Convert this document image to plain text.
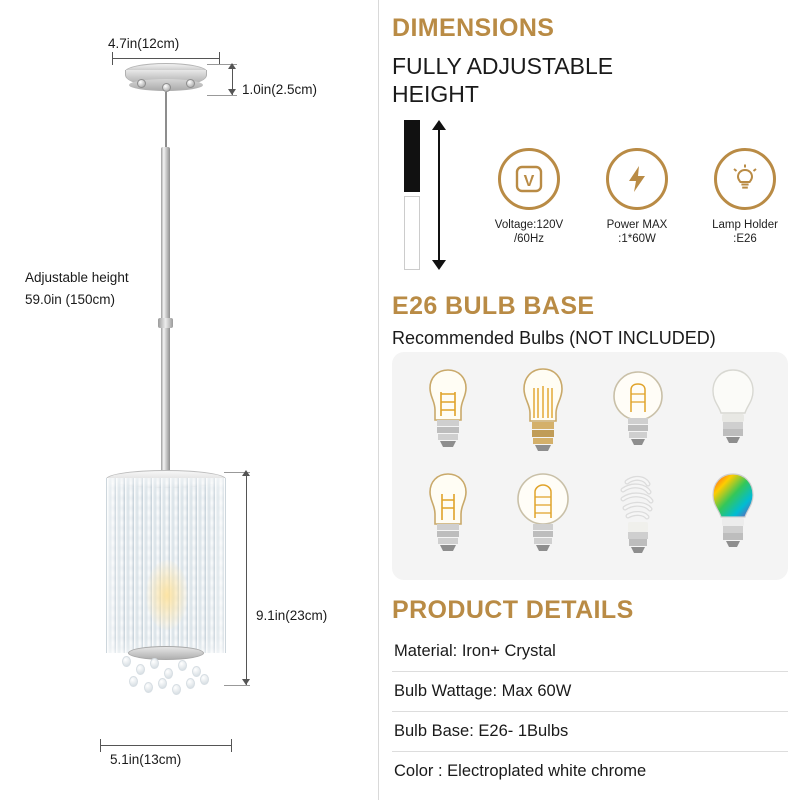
4.7in(12cm)
1.0in(2.5cm)
Adjustable height
59.0in (150cm)
9.1in(23cm)
5.1in(13cm)
DIMENSIONS
FULLY ADJUSTABLE HEIGHT
V
Voltage:120V
/60Hz
Power MAX
:1*60W
Lamp Holder
:E26
E26 BULB BASE
Recommended Bulbs (NOT INCLUDED)
PRODUCT DETAILS
Material: Iron+ Crystal
Bulb Wattage: Max 60W
Bulb Base: E26- 1Bulbs
Color : Electroplated white chrome
